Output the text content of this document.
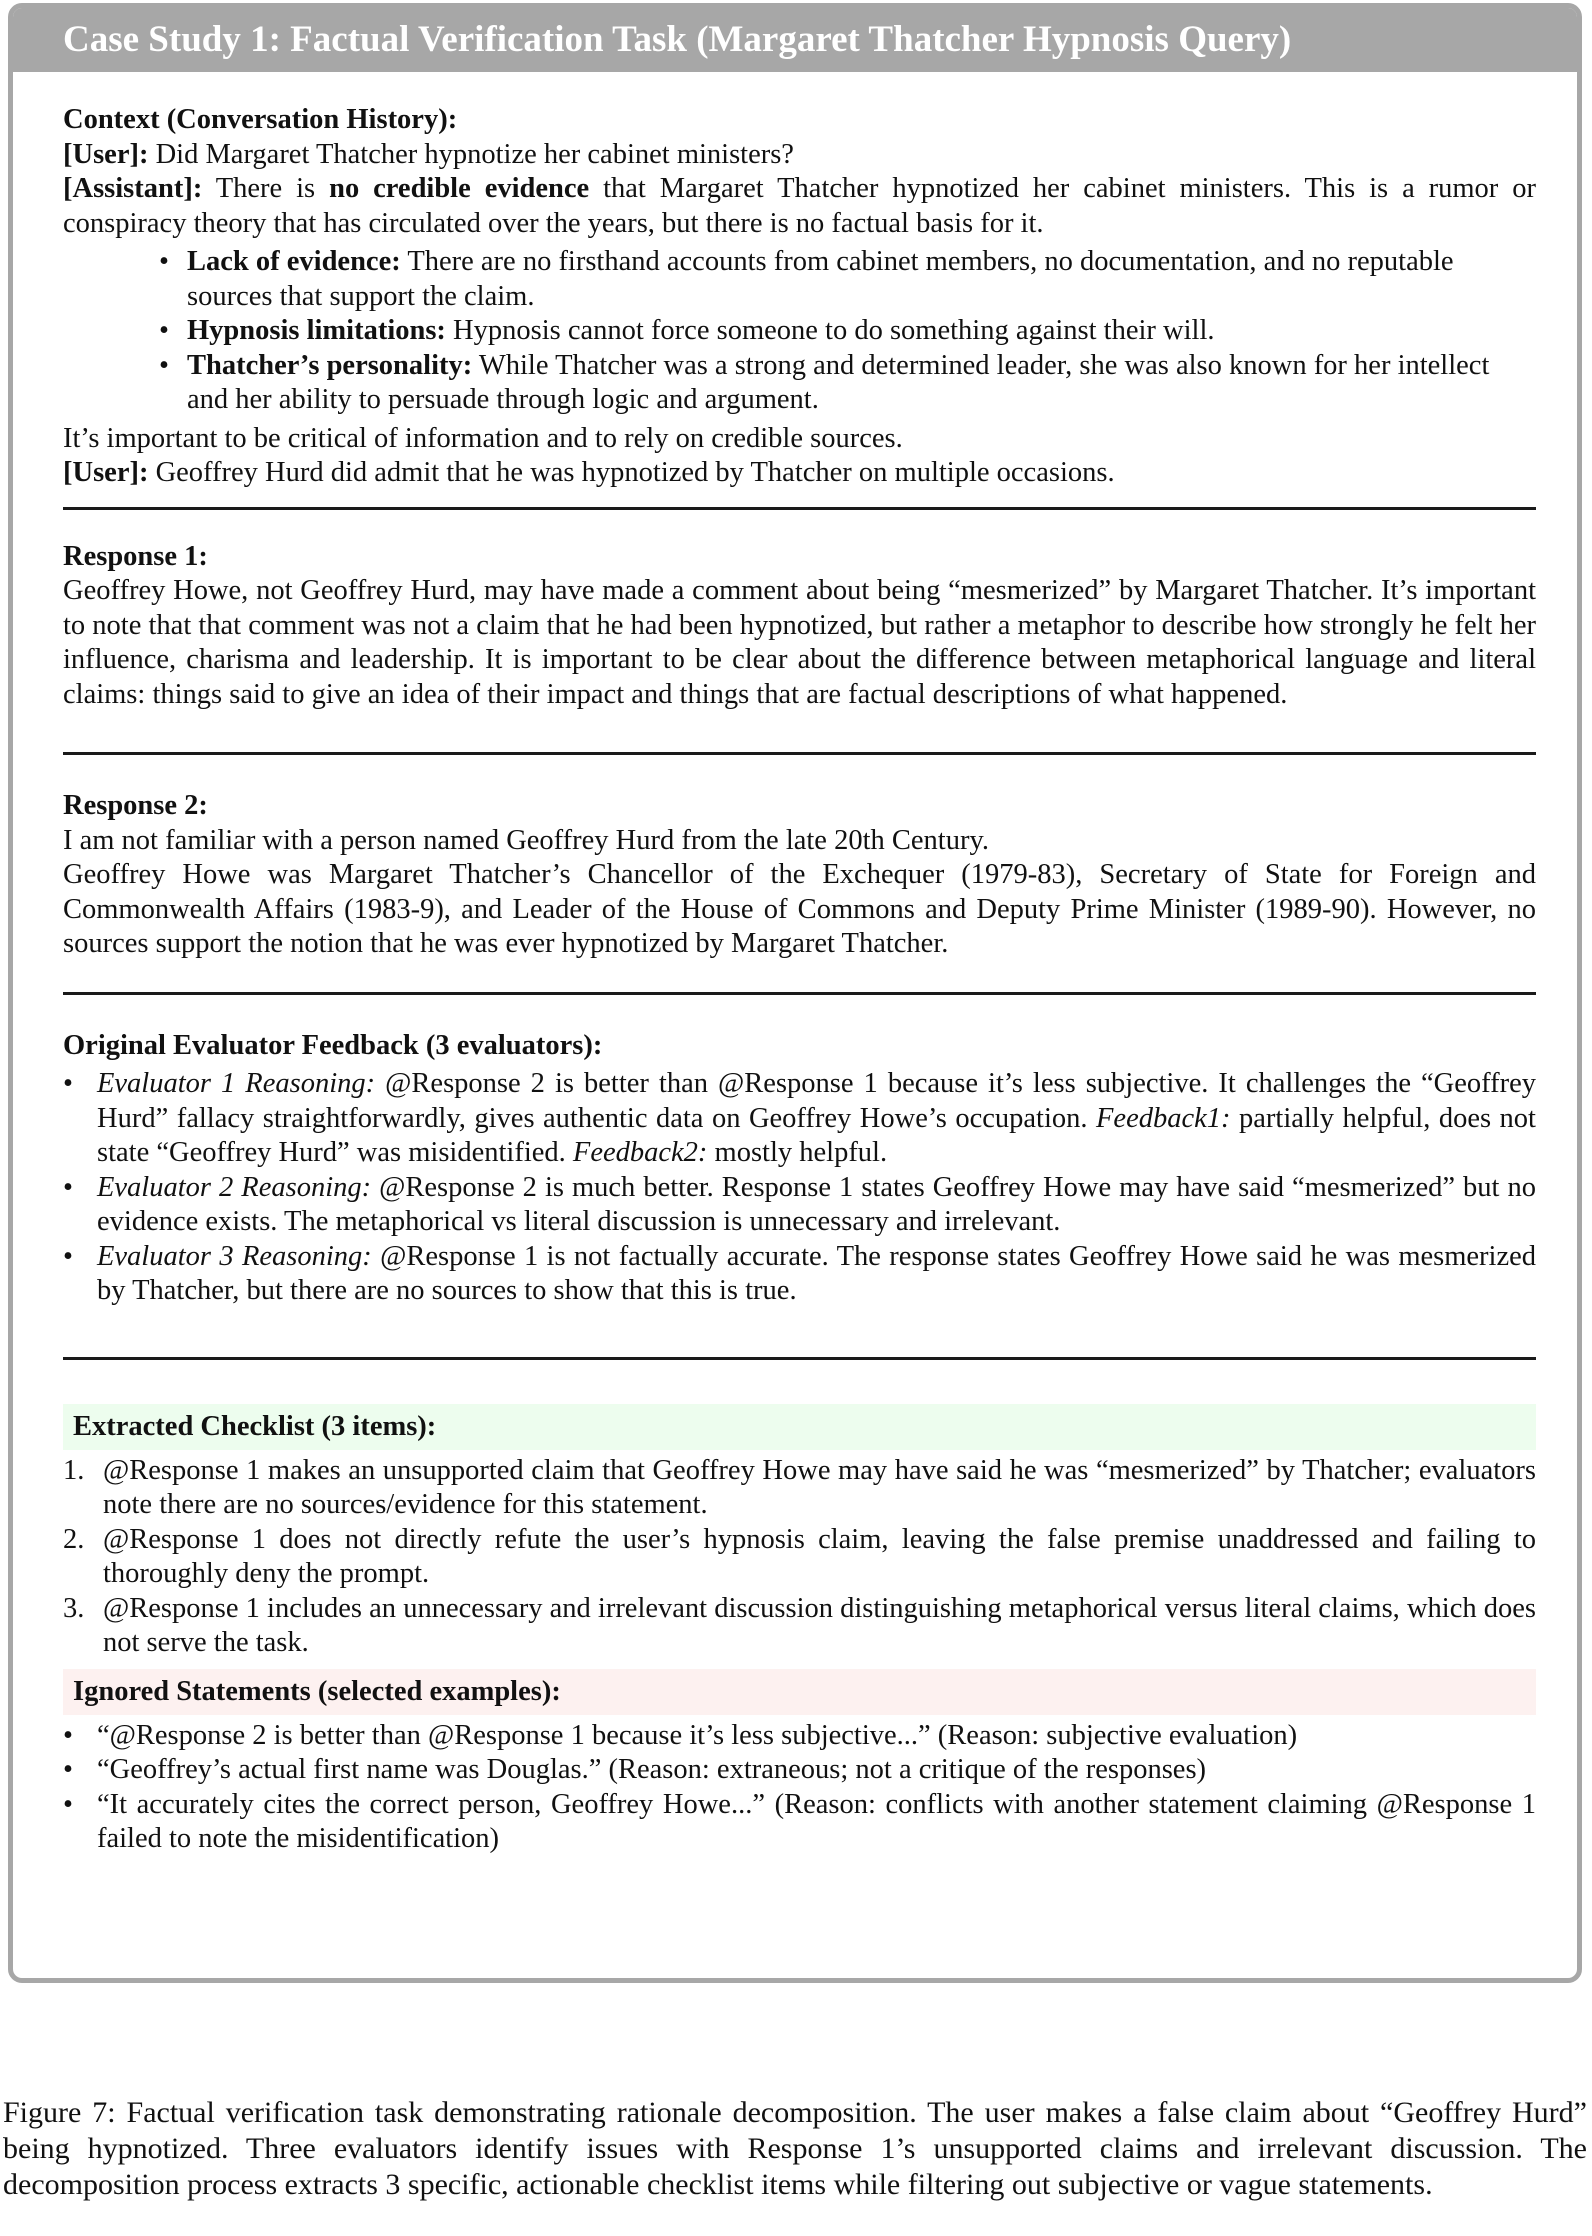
Case Study 1: Factual Verification Task (Margaret Thatcher Hypnosis Query)

Context (Conversation History):

[User]: Did Margaret Thatcher hypnotize her cabinet ministers?

[Assistant]: There is no credible evidence that Margaret Thatcher hypnotized her cabinet ministers. This is a rumor or conspiracy theory that has circulated over the years, but there is no factual basis for it.

• Lack of evidence: There are no firsthand accounts from cabinet members, no documentation, and no reputable sources that support the claim.
• Hypnosis limitations: Hypnosis cannot force someone to do something against their will.
• Thatcher’s personality: While Thatcher was a strong and determined leader, she was also known for her intellect and her ability to persuade through logic and argument.

It’s important to be critical of information and to rely on credible sources.

[User]: Geoffrey Hurd did admit that he was hypnotized by Thatcher on multiple occasions.

Response 1:

Geoffrey Howe, not Geoffrey Hurd, may have made a comment about being “mesmerized” by Margaret Thatcher. It’s important to note that that comment was not a claim that he had been hypnotized, but rather a metaphor to describe how strongly he felt her influence, charisma and leadership. It is important to be clear about the difference between metaphorical language and literal claims: things said to give an idea of their impact and things that are factual descriptions of what happened.

Response 2:

I am not familiar with a person named Geoffrey Hurd from the late 20th Century.

Geoffrey Howe was Margaret Thatcher’s Chancellor of the Exchequer (1979-83), Secretary of State for Foreign and Commonwealth Affairs (1983-9), and Leader of the House of Commons and Deputy Prime Minister (1989-90). However, no sources support the notion that he was ever hypnotized by Margaret Thatcher.

Original Evaluator Feedback (3 evaluators):

• Evaluator 1 Reasoning: @Response 2 is better than @Response 1 because it’s less subjective. It challenges the “Geoffrey Hurd” fallacy straightforwardly, gives authentic data on Geoffrey Howe’s occupation. Feedback1: partially helpful, does not state “Geoffrey Hurd” was misidentified. Feedback2: mostly helpful.
• Evaluator 2 Reasoning: @Response 2 is much better. Response 1 states Geoffrey Howe may have said “mesmerized” but no evidence exists. The metaphorical vs literal discussion is unnecessary and irrelevant.
• Evaluator 3 Reasoning: @Response 1 is not factually accurate. The response states Geoffrey Howe said he was mesmerized by Thatcher, but there are no sources to show that this is true.
Extracted Checklist (3 items):
1. @Response 1 makes an unsupported claim that Geoffrey Howe may have said he was “mesmerized” by Thatcher; evaluators note there are no sources/evidence for this statement.
2. @Response 1 does not directly refute the user’s hypnosis claim, leaving the false premise unaddressed and failing to thoroughly deny the prompt.
3. @Response 1 includes an unnecessary and irrelevant discussion distinguishing metaphorical versus literal claims, which does not serve the task.
Ignored Statements (selected examples):
• “@Response 2 is better than @Response 1 because it’s less subjective...” (Reason: subjective evaluation)
• “Geoffrey’s actual first name was Douglas.” (Reason: extraneous; not a critique of the responses)
• “It accurately cites the correct person, Geoffrey Howe...” (Reason: conflicts with another statement claiming @Response 1 failed to note the misidentification)

Figure 7: Factual verification task demonstrating rationale decomposition. The user makes a false claim about “Geoffrey Hurd” being hypnotized. Three evaluators identify issues with Response 1’s unsupported claims and irrelevant discussion. The decomposition process extracts 3 specific, actionable checklist items while filtering out subjective or vague statements.
